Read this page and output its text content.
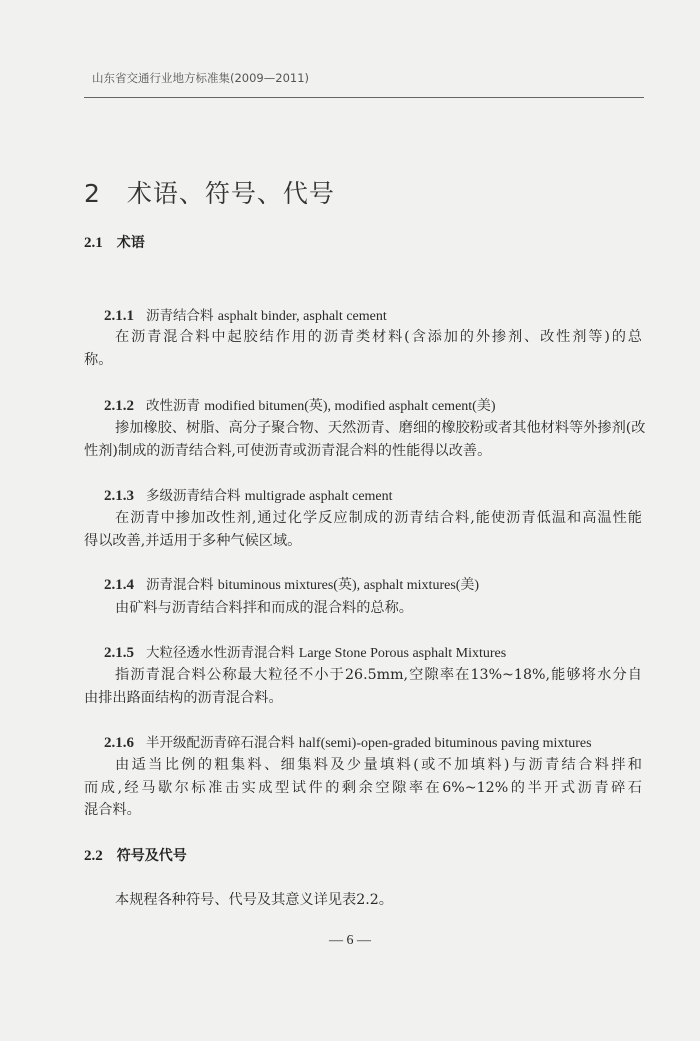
山东省交通行业地方标准集(2009—2011)
2　术语、符号、代号
2.1 术语
2.1.1 沥青结合料 asphalt binder, asphalt cement
在沥青混合料中起胶结作用的沥青类材料(含添加的外掺剂、改性剂等)的总
称。
2.1.2 改性沥青 modified bitumen(英), modified asphalt cement(美)
掺加橡胶、树脂、高分子聚合物、天然沥青、磨细的橡胶粉或者其他材料等外掺剂(改
性剂)制成的沥青结合料,可使沥青或沥青混合料的性能得以改善。
2.1.3 多级沥青结合料 multigrade asphalt cement
在沥青中掺加改性剂,通过化学反应制成的沥青结合料,能使沥青低温和高温性能
得以改善,并适用于多种气候区域。
2.1.4 沥青混合料 bituminous mixtures(英), asphalt mixtures(美)
由矿料与沥青结合料拌和而成的混合料的总称。
2.1.5 大粒径透水性沥青混合料 Large Stone Porous asphalt Mixtures
指沥青混合料公称最大粒径不小于26.5mm,空隙率在13%~18%,能够将水分自
由排出路面结构的沥青混合料。
2.1.6 半开级配沥青碎石混合料 half(semi)-open-graded bituminous paving mixtures
由适当比例的粗集料、细集料及少量填料(或不加填料)与沥青结合料拌和
而成,经马歇尔标准击实成型试件的剩余空隙率在6%~12%的半开式沥青碎石
混合料。
2.2 符号及代号
本规程各种符号、代号及其意义详见表2.2。
— 6 —
